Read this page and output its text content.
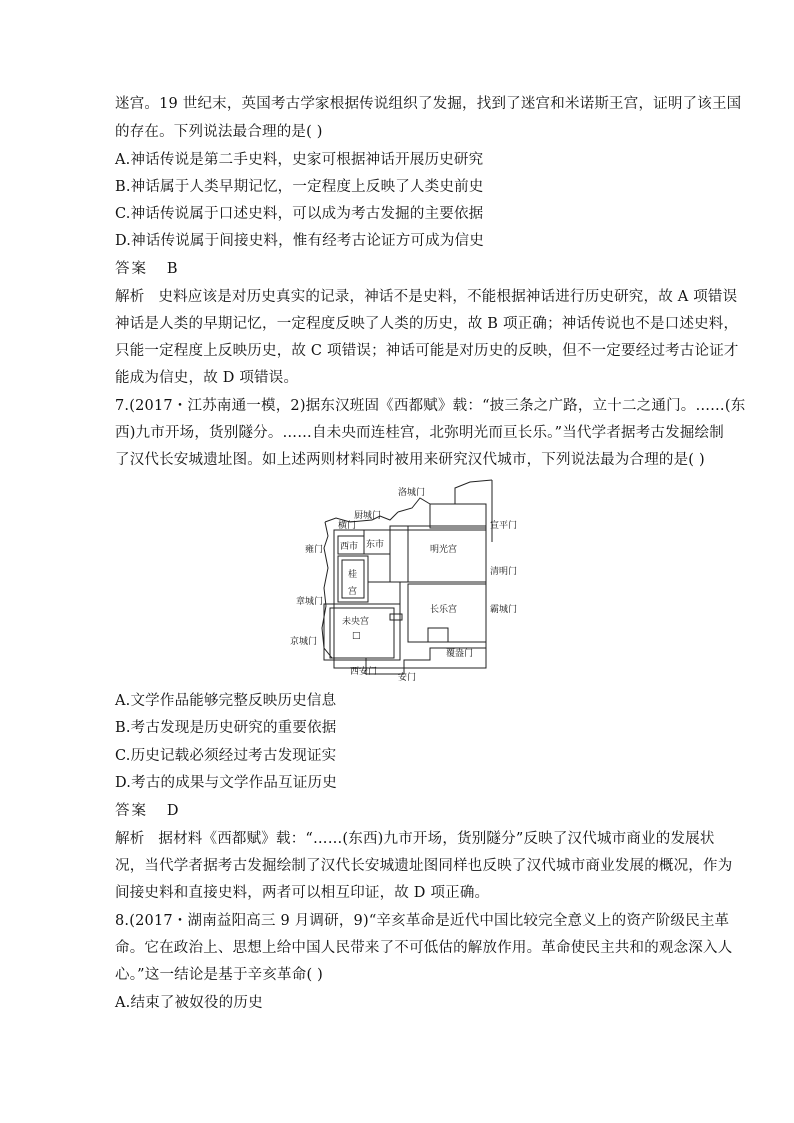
迷宫。19 世纪末，英国考古学家根据传说组织了发掘，找到了迷宫和米诺斯王宫，证明了该王国
的存在。下列说法最合理的是( )
A.神话传说是第二手史料，史家可根据神话开展历史研究
B.神话属于人类早期记忆，一定程度上反映了人类史前史
C.神话传说属于口述史料，可以成为考古发掘的主要依据
D.神话传说属于间接史料，惟有经考古论证方可成为信史
答案 B
解析 史料应该是对历史真实的记录，神话不是史料，不能根据神话进行历史研究，故 A 项错误
神话是人类的早期记忆，一定程度反映了人类的历史，故 B 项正确；神话传说也不是口述史料，
只能一定程度上反映历史，故 C 项错误；神话可能是对历史的反映，但不一定要经过考古论证才
能成为信史，故 D 项错误。
7.(2017・江苏南通一模，2)据东汉班固《西都赋》载：“披三条之广路，立十二之通门。……(东
西)九市开场，货别隧分。……自未央而连桂宫，北弥明光而亘长乐。”当代学者据考古发掘绘制
了汉代长安城遗址图。如上述两则材料同时被用来研究汉代城市，下列说法最为合理的是( )
洛城门
厨城门
横门	宣平门
雍门 西市 东市	明光宫
桂
宫
清明门
章城门
长乐宫	霸城门
未央宫
□
京城门
覆盎门
西安门
安门
A.文学作品能够完整反映历史信息
B.考古发现是历史研究的重要依据
C.历史记载必须经过考古发现证实
D.考古的成果与文学作品互证历史
答案 D
解析 据材料《西都赋》载：“……(东西)九市开场，货别隧分”反映了汉代城市商业的发展状
况，当代学者据考古发掘绘制了汉代长安城遗址图同样也反映了汉代城市商业发展的概况，作为
间接史料和直接史料，两者可以相互印证，故 D 项正确。
8.(2017・湖南益阳高三 9 月调研，9)“辛亥革命是近代中国比较完全意义上的资产阶级民主革
命。它在政治上、思想上给中国人民带来了不可低估的解放作用。革命使民主共和的观念深入人
心。”这一结论是基于辛亥革命( )
A.结束了被奴役的历史
